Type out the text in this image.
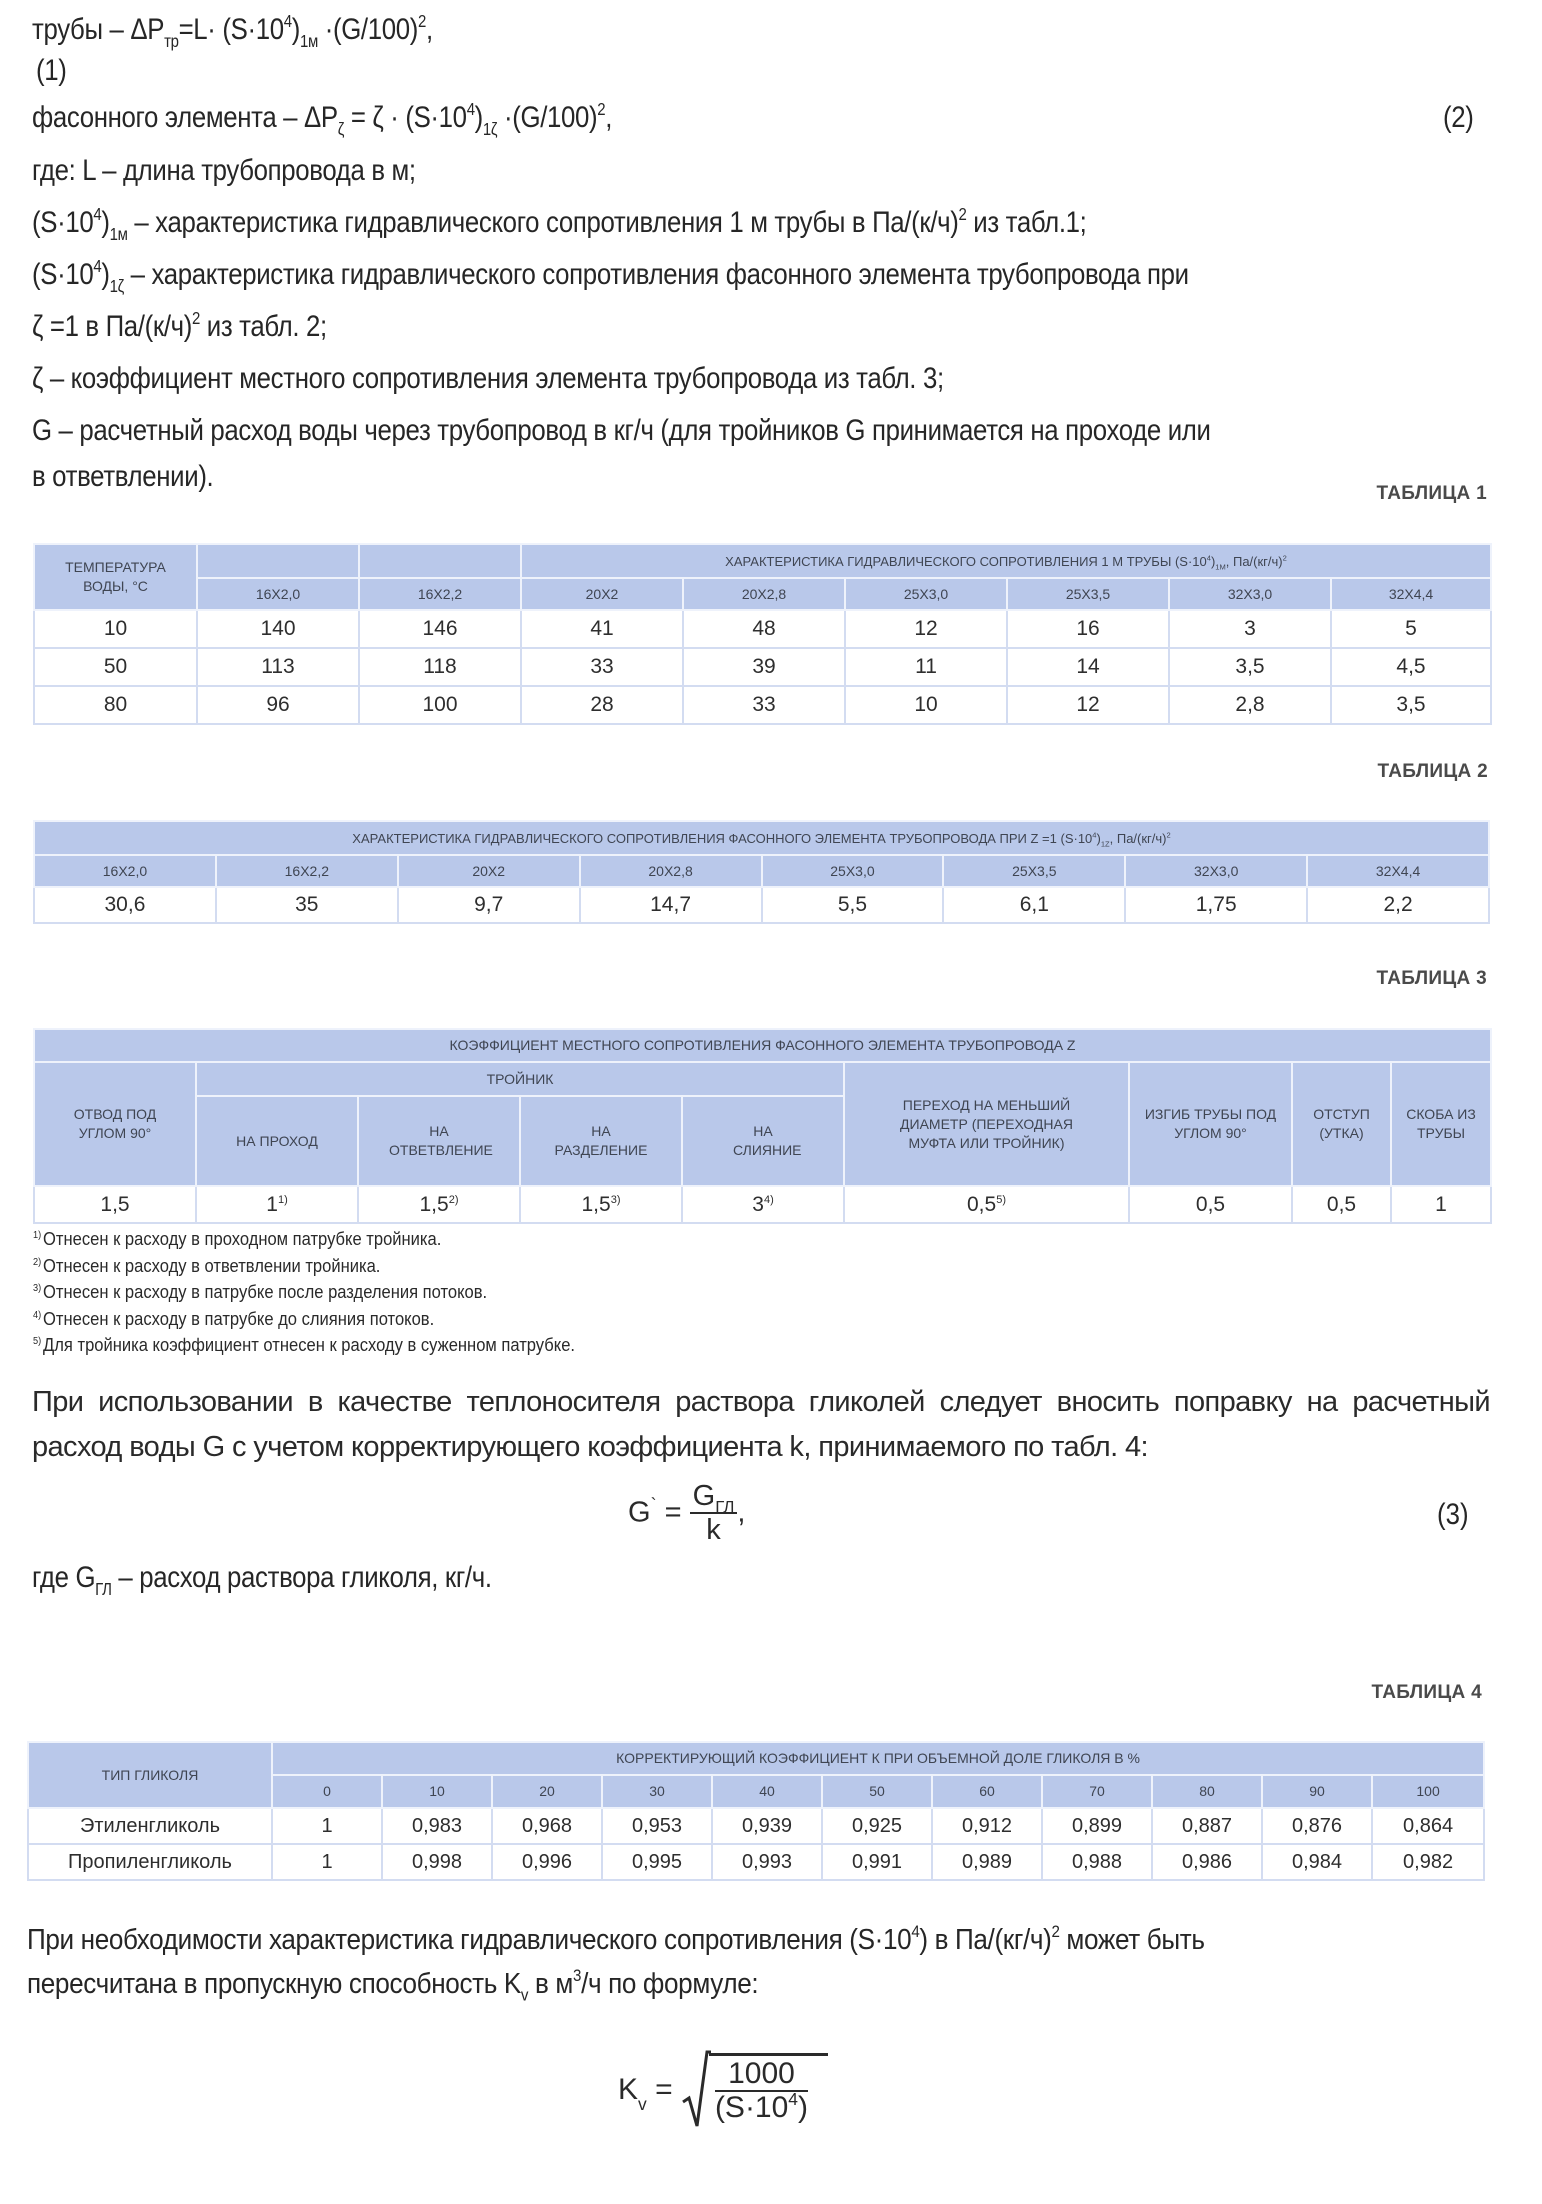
трубы – $\Delta P_{тр}=L\cdot (S\cdot 10^4)_{1м} \cdot(G/100)^2$,
(1)
фасонного элемента – $\Delta P_\zeta = \zeta \cdot (S\cdot 10^4)_{1\zeta} \cdot(G/100)^2$,	(2)
где: L – длина трубопровода в м;
$(S\cdot 10^4)_{1м}$ – характеристика гидравлического сопротивления 1 м трубы в $Па/(к/ч)^2$ из табл.1;
$(S\cdot 10^4)_{1\zeta}$ – характеристика гидравлического сопротивления фасонного элемента трубопровода при
ζ =1 в $Па/(к/ч)^2$ из табл. 2;
ζ – коэффициент местного сопротивления элемента трубопровода из табл. 3;
G – расчетный расход воды через трубопровод в кг/ч (для тройников G принимается на проходе или
в ответвлении).
ТАБЛИЦА 1
ТЕМПЕРАТУРА ВОДЫ, °С			ХАРАКТЕРИСТИКА ГИДРАВЛИЧЕСКОГО СОПРОТИВЛЕНИЯ 1 М ТРУБЫ $(S\cdot 10^4)_{1М}$, $Па/(кг/ч)^2$
	16Х2,0	16Х2,2	20Х2	20Х2,8	25Х3,0	25Х3,5	32Х3,0	32Х4,4
10	140	146	41	48	12	16	3	5
50	113	118	33	39	11	14	3,5	4,5
80	96	100	28	33	10	12	2,8	3,5
ТАБЛИЦА 2
ХАРАКТЕРИСТИКА ГИДРАВЛИЧЕСКОГО СОПРОТИВЛЕНИЯ ФАСОННОГО ЭЛЕМЕНТА ТРУБОПРОВОДА ПРИ Z =1 $(S\cdot 10^4)_{1Z}$, $Па/(кг/ч)^2$
16Х2,0	16Х2,2	20Х2	20Х2,8	25Х3,0	25Х3,5	32Х3,0	32Х4,4
30,6	35	9,7	14,7	5,5	6,1	1,75	2,2
ТАБЛИЦА 3
КОЭФФИЦИЕНТ МЕСТНОГО СОПРОТИВЛЕНИЯ ФАСОННОГО ЭЛЕМЕНТА ТРУБОПРОВОДА Z								
ОТВОД ПОД УГЛОМ 90°	ТРОЙНИК				ПЕРЕХОД НА МЕНЬШИЙ ДИАМЕТР (ПЕРЕХОДНАЯ МУФТА ИЛИ ТРОЙНИК)	ИЗГИБ ТРУБЫ ПОД УГЛОМ 90°	ОТСТУП (УТКА)	СКОБА ИЗ ТРУБЫ
	НА ПРОХОД	НА ОТВЕТВЛЕНИЕ	НА РАЗДЕЛЕНИЕ	НА СЛИЯНИЕ				
1,5	1$^{1)}$	1,5$^{2)}$	1,5$^{3)}$	3$^{4)}$	0,5$^{5)}$	0,5	0,5	1
$^{1)}$ Отнесен к расходу в проходном патрубке тройника.
$^{2)}$ Отнесен к расходу в ответвлении тройника.
$^{3)}$ Отнесен к расходу в патрубке после разделения потоков.
$^{4)}$ Отнесен к расходу в патрубке до слияния потоков.
$^{5)}$ Для тройника коэффициент отнесен к расходу в суженном патрубке.
При использовании в качестве теплоносителя раствора гликолей следует вносить поправку на расчетный расход воды G с учетом корректирующего коэффициента k, принимаемого по табл. 4:
$G^` = \frac{G_{ГЛ}}{k}$ ,	(3)
где $G_{ГЛ}$ – расход раствора гликоля, кг/ч.
ТАБЛИЦА 4
ТИП ГЛИКОЛЯ	КОРРЕКТИРУЮЩИЙ КОЭФФИЦИЕНТ К ПРИ ОБЪЕМНОЙ ДОЛЕ ГЛИКОЛЯ В %										
	0	10	20	30	40	50	60	70	80	90	100
Этиленгликоль	1	0,983	0,968	0,953	0,939	0,925	0,912	0,899	0,887	0,876	0,864
Пропиленгликоль	1	0,998	0,996	0,995	0,993	0,991	0,989	0,988	0,986	0,984	0,982
При необходимости характеристика гидравлического сопротивления $(S\cdot 10^4)$ в $Па/(кг/ч)^2$ может быть
пересчитана в пропускную способность $K_v$ в $м^3/ч$ по формуле:
$K_v = \frac{1000}{(S\cdot 10^4)}$
